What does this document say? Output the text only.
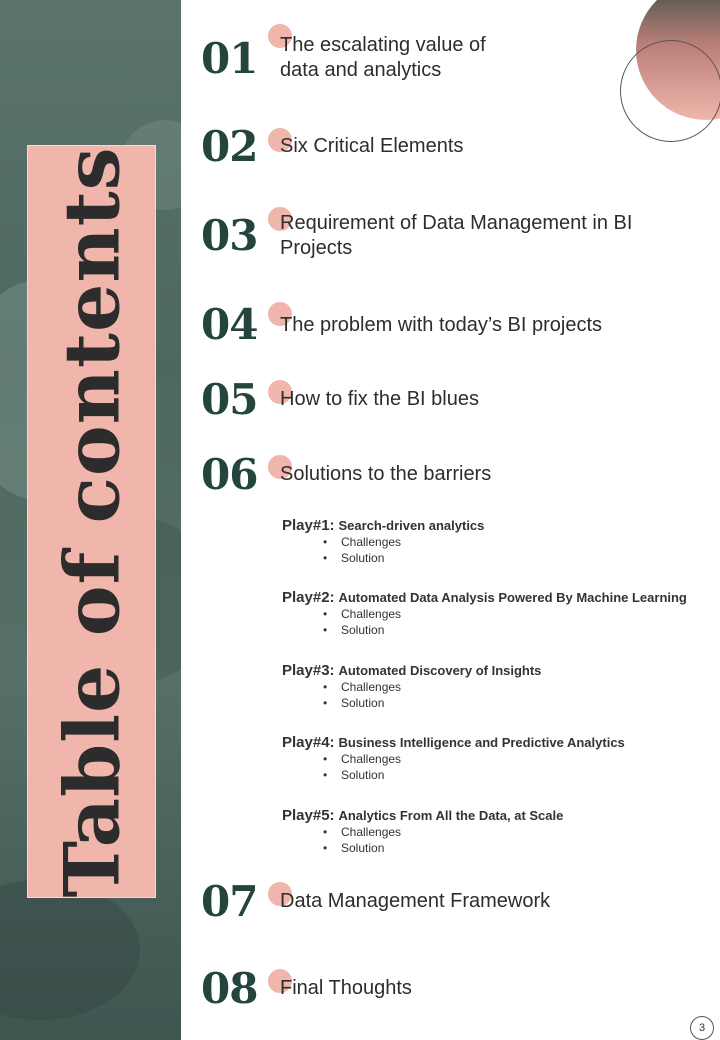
Table of contents
01 The escalating value of data and analytics
02 Six Critical Elements
03 Requirement of Data Management in BI Projects
04 The problem with today’s BI projects
05 How to fix the BI blues
06 Solutions to the barriers
Play#1: Search-driven analytics
• Challenges
• Solution
Play#2: Automated Data Analysis Powered By Machine Learning
• Challenges
• Solution
Play#3: Automated Discovery of Insights
• Challenges
• Solution
Play#4: Business Intelligence and Predictive Analytics
• Challenges
• Solution
Play#5: Analytics From All the Data, at Scale
• Challenges
• Solution
07 Data Management Framework
08 Final Thoughts
3
